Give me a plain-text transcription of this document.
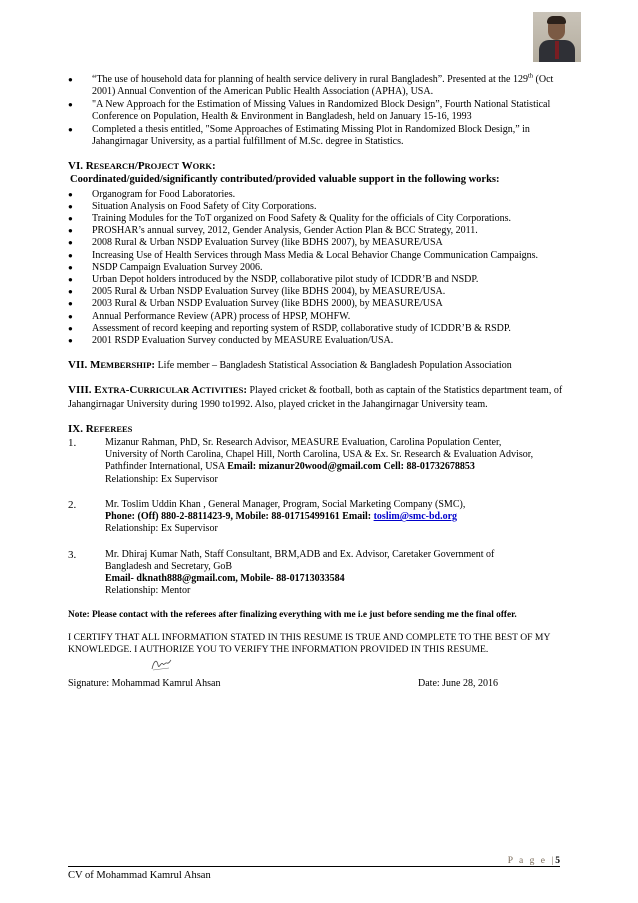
● “The use of household data for planning of health service delivery in rural Bangladesh”. Presented at the 129th (Oct 2001) Annual Convention of the American Public Health Association (APHA), USA.
● "A New Approach for the Estimation of Missing Values in Randomized Block Design”, Fourth National Statistical Conference on Population, Health & Environment in Bangladesh, held on January 15-16, 1993
● Completed a thesis entitled, "Some Approaches of Estimating Missing Plot in Randomized Block Design,” in Jahangirnagar University, as a partial fulfillment of M.Sc. degree in Statistics.
VI. RESEARCH/PROJECT WORK:
Coordinated/guided/significantly contributed/provided valuable support in the following works:
● Organogram for Food Laboratories.
● Situation Analysis on Food Safety of City Corporations.
● Training Modules for the ToT organized on Food Safety & Quality for the officials of City Corporations.
● PROSHAR’s annual survey, 2012, Gender Analysis, Gender Action Plan & BCC Strategy, 2011.
● 2008 Rural & Urban NSDP Evaluation Survey (like BDHS 2007), by MEASURE/USA
● Increasing Use of Health Services through Mass Media & Local Behavior Change Communication Campaigns.
● NSDP Campaign Evaluation Survey 2006.
● Urban Depot holders introduced by the NSDP, collaborative pilot study of ICDDR’B and NSDP.
● 2005 Rural & Urban NSDP Evaluation Survey (like BDHS 2004), by MEASURE/USA.
● 2003 Rural & Urban NSDP Evaluation Survey (like BDHS 2000), by MEASURE/USA
● Annual Performance Review (APR) process of HPSP, MOHFW.
● Assessment of record keeping and reporting system of RSDP, collaborative study of ICDDR’B & RSDP.
● 2001 RSDP Evaluation Survey conducted by MEASURE Evaluation/USA.
VII. MEMBERSHIP: Life member – Bangladesh Statistical Association & Bangladesh Population Association
VIII. EXTRA-CURRICULAR ACTIVITIES: Played cricket & football, both as captain of the Statistics department team, of Jahangirnagar University during 1990 to1992. Also, played cricket in the Jahangirnagar University team.
IX. REFEREES
1.	Mizanur Rahman, PhD, Sr. Research Advisor, MEASURE Evaluation, Carolina Population Center,
University of North Carolina, Chapel Hill, North Carolina, USA & Ex. Sr. Research & Evaluation Advisor,
Pathfinder International, USA Email: mizanur20wood@gmail.com Cell: 88-01732678853
Relationship: Ex Supervisor
2.	Mr. Toslim Uddin Khan , General Manager, Program, Social Marketing Company (SMC),
Phone: (Off) 880-2-8811423-9, Mobile: 88-01715499161 Email: toslim@smc-bd.org
Relationship: Ex Supervisor
3.	Mr. Dhiraj Kumar Nath, Staff Consultant, BRM,ADB and Ex. Advisor, Caretaker Government of
Bangladesh and Secretary, GoB
Email- dknath888@gmail.com, Mobile- 88-01713033584
Relationship: Mentor
Note: Please contact with the referees after finalizing everything with me i.e just before sending me the final offer.
I CERTIFY THAT ALL INFORMATION STATED IN THIS RESUME IS TRUE AND COMPLETE TO THE BEST OF MY KNOWLEDGE. I AUTHORIZE YOU TO VERIFY THE INFORMATION PROVIDED IN THIS RESUME.
Signature: Mohammad Kamrul Ahsan	Date: June 28, 2016
P a g e |5
CV of Mohammad Kamrul Ahsan
